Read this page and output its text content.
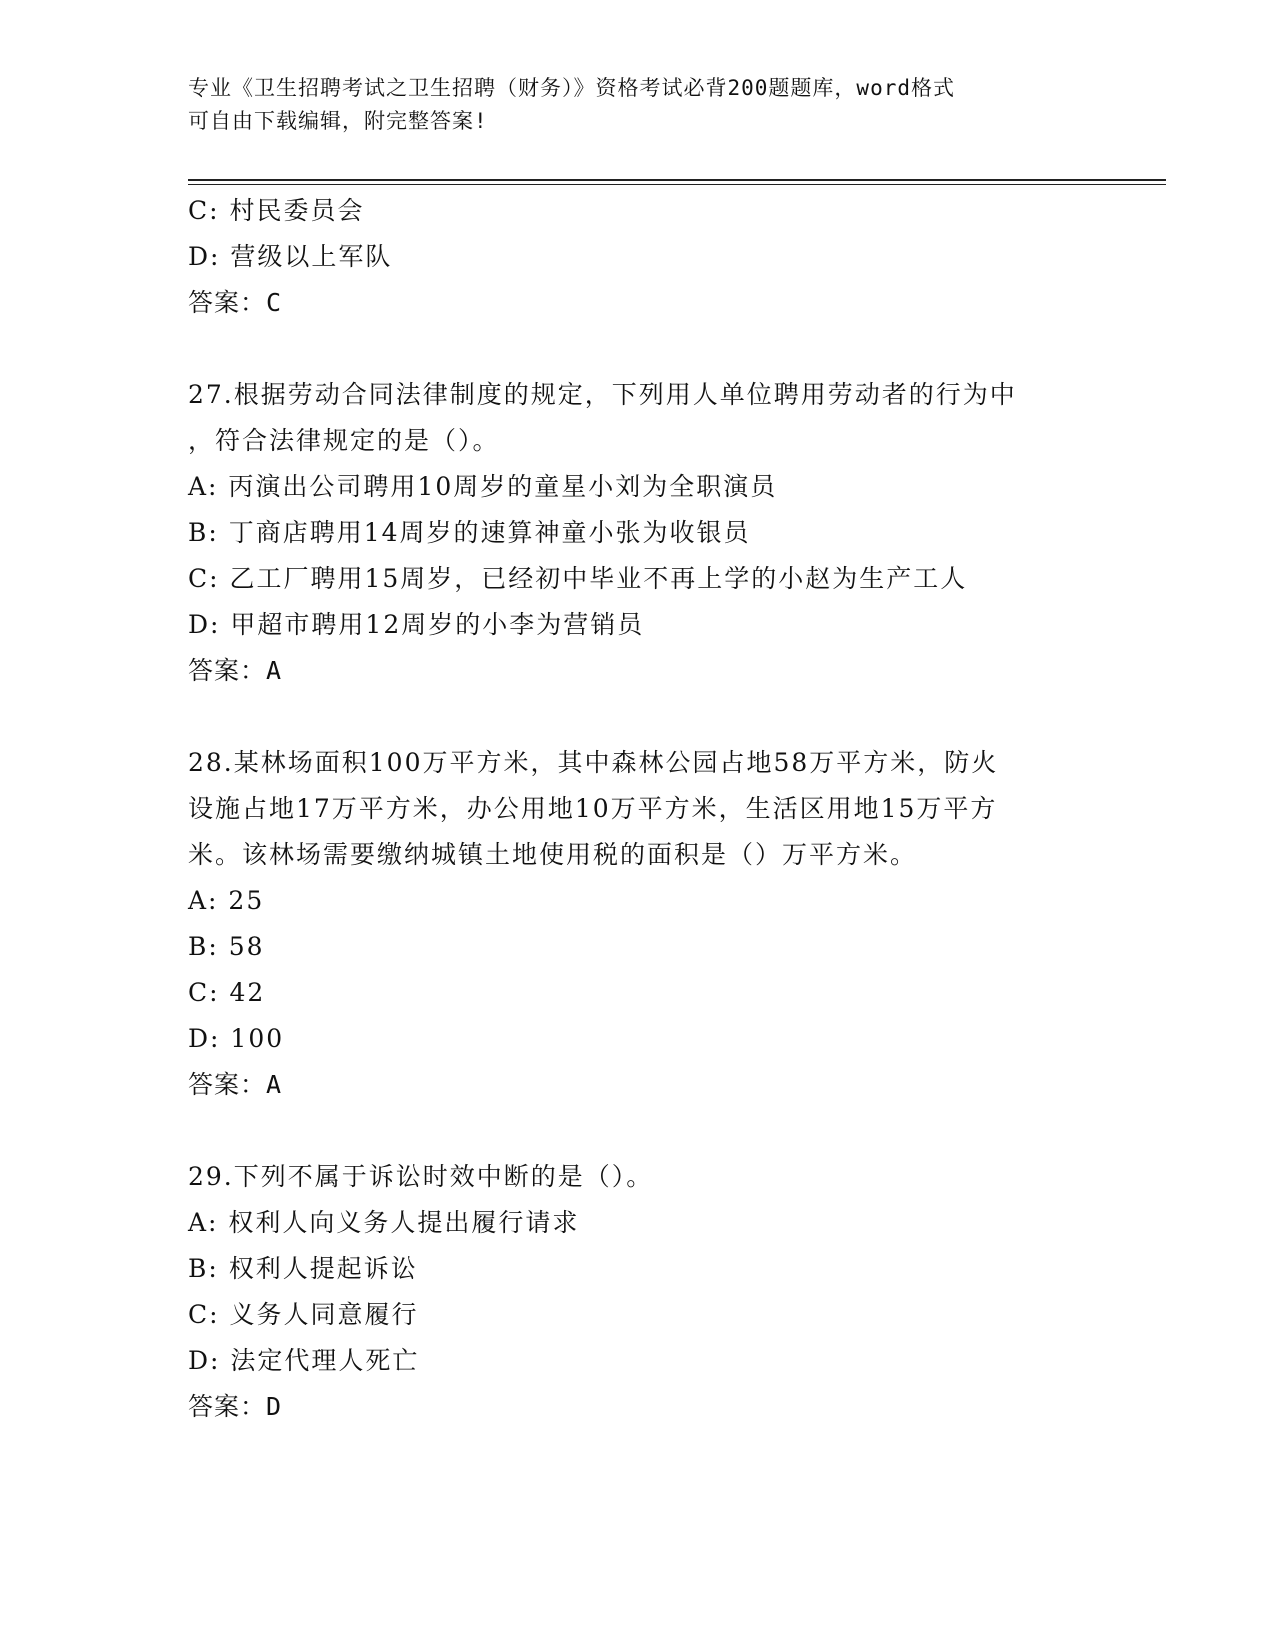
专业《卫生招聘考试之卫生招聘（财务）》资格考试必背200题题库，word格式
可自由下载编辑，附完整答案!
C: 村民委员会
D: 营级以上军队
答案：C
27.根据劳动合同法律制度的规定，下列用人单位聘用劳动者的行为中
，符合法律规定的是（）。
A: 丙演出公司聘用10周岁的童星小刘为全职演员
B: 丁商店聘用14周岁的速算神童小张为收银员
C: 乙工厂聘用15周岁，已经初中毕业不再上学的小赵为生产工人
D: 甲超市聘用12周岁的小李为营销员
答案：A
28.某林场面积100万平方米，其中森林公园占地58万平方米，防火
设施占地17万平方米，办公用地10万平方米，生活区用地15万平方
米。该林场需要缴纳城镇土地使用税的面积是（）万平方米。
A: 25
B: 58
C: 42
D: 100
答案：A
29.下列不属于诉讼时效中断的是（）。
A: 权利人向义务人提出履行请求
B: 权利人提起诉讼
C: 义务人同意履行
D: 法定代理人死亡
答案：D
